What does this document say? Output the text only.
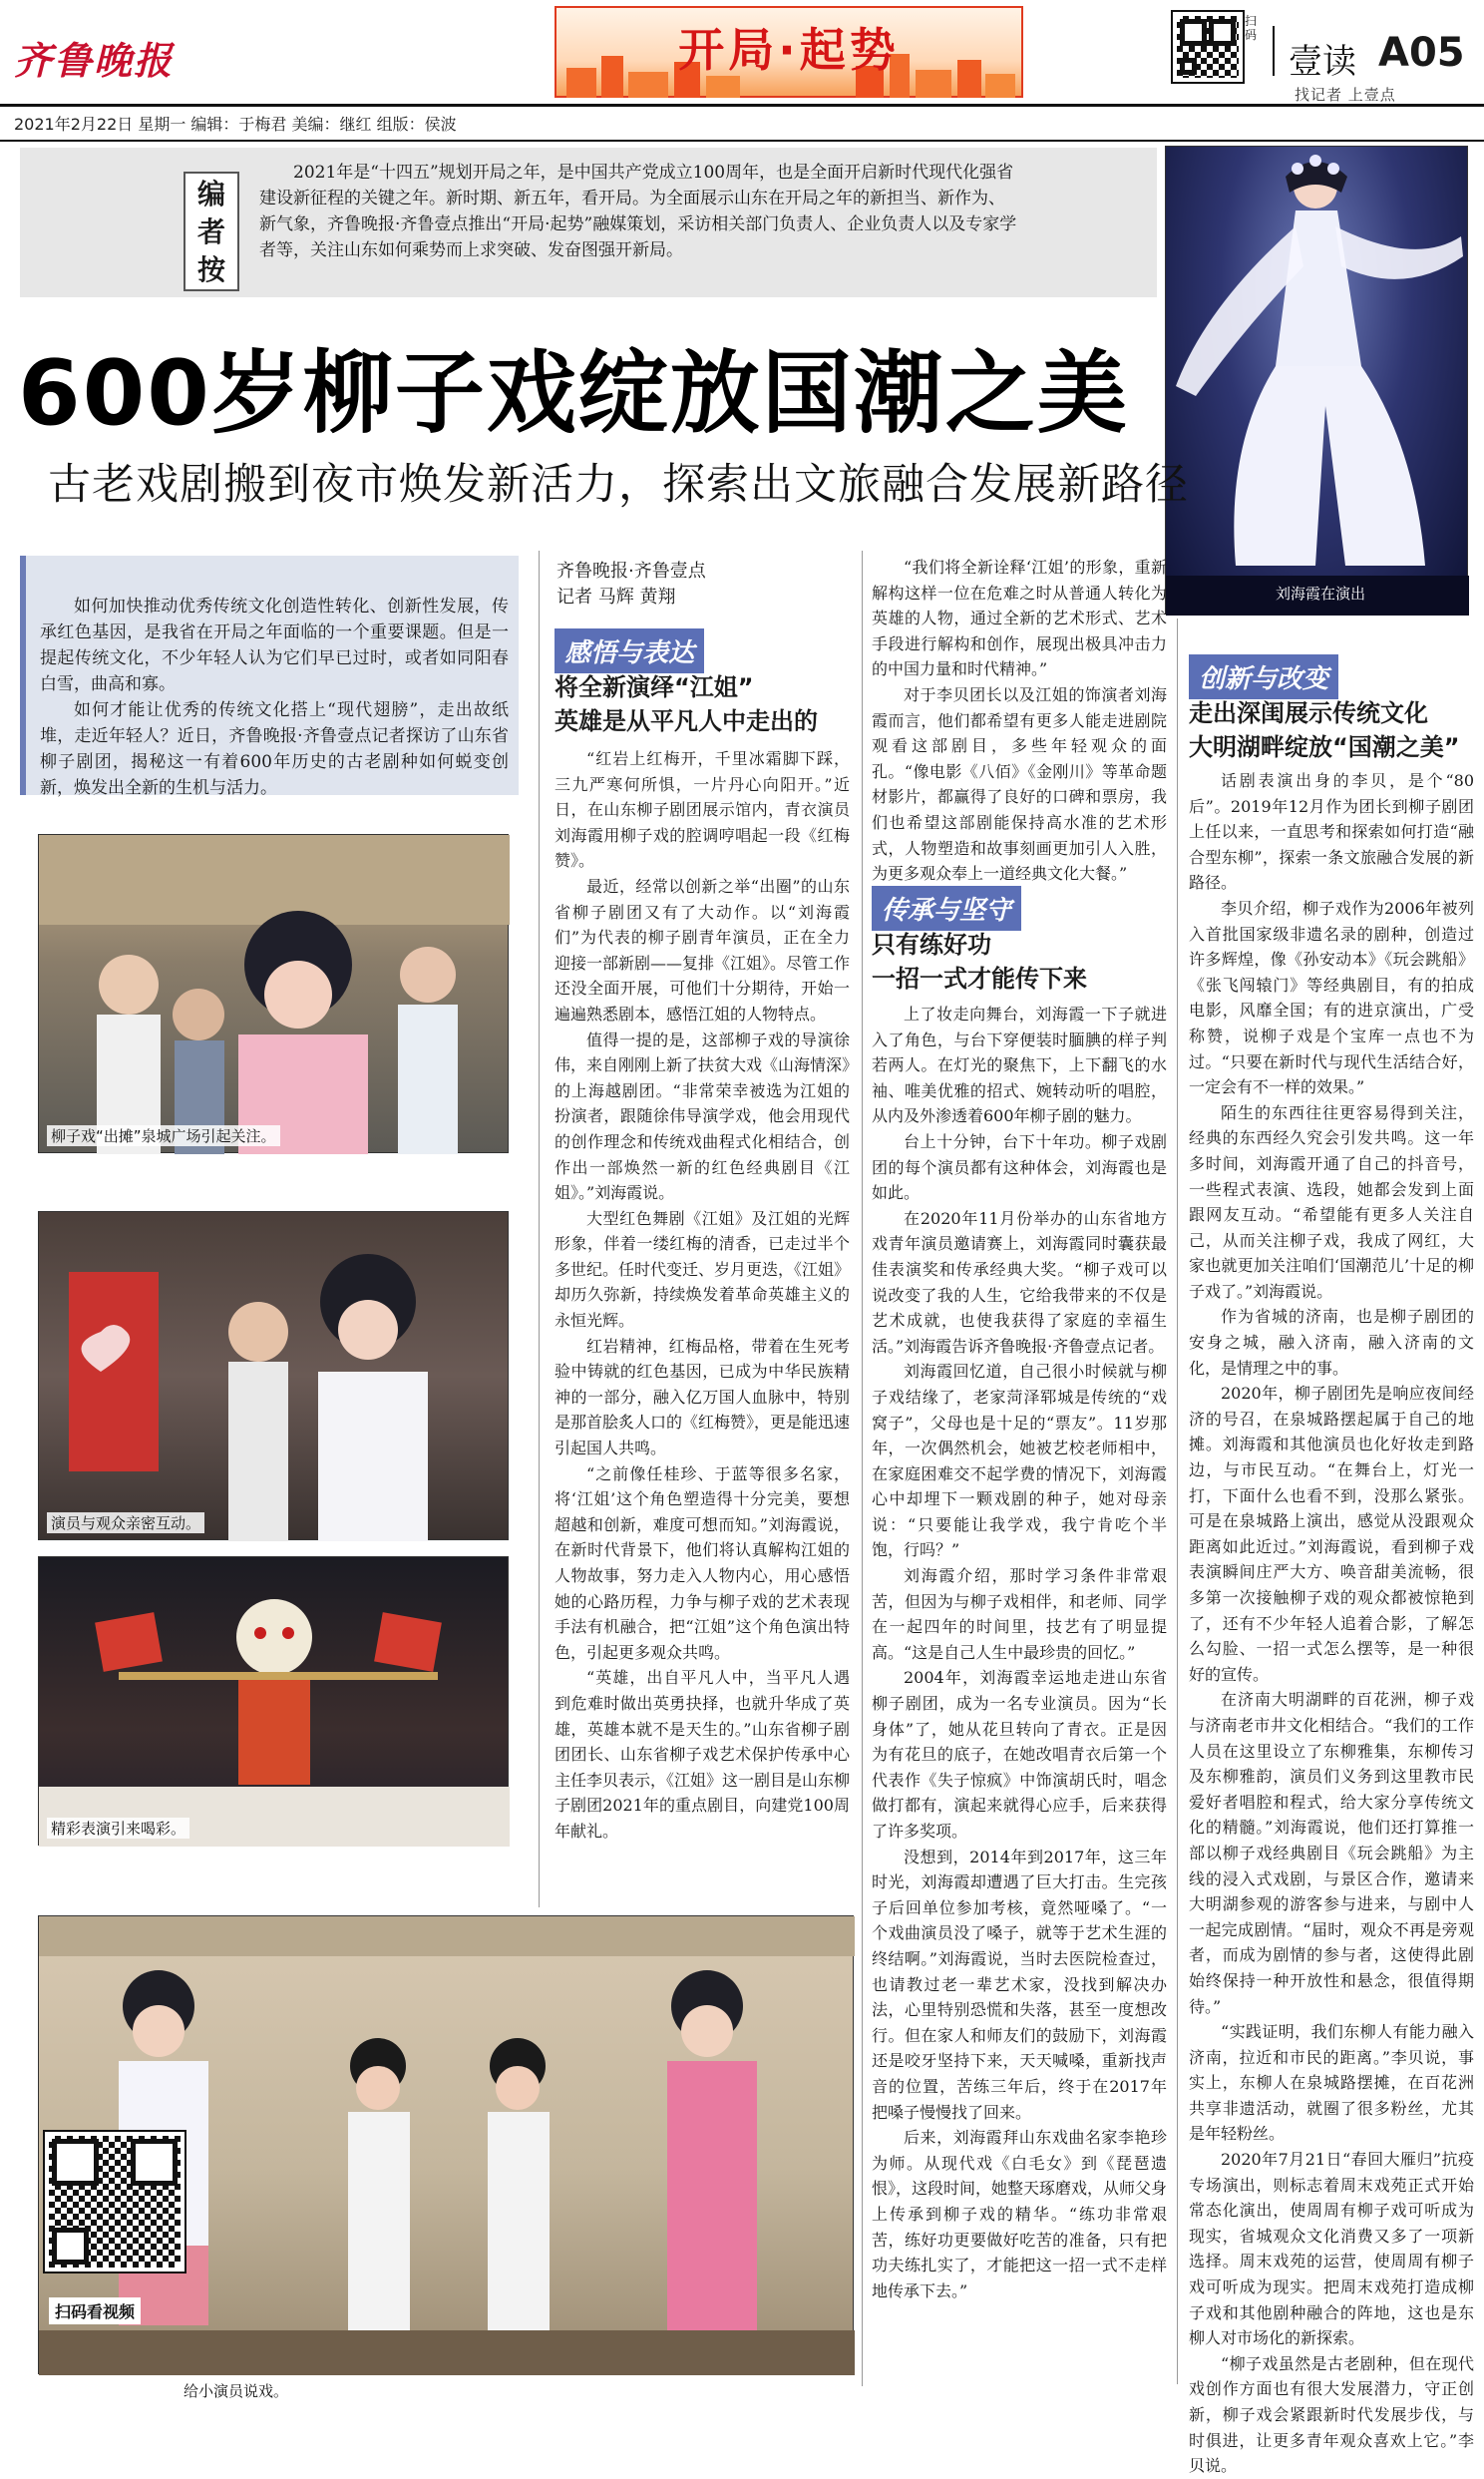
齐鲁晚报	开局·起势
扫码
壹读 A05
找记者 上壹点
2021年2月22日 星期一 编辑：于梅君 美编：继红 组版：侯波
编者按
2021年是“十四五”规划开局之年，是中国共产党成立100周年，也是全面开启新时代现代化强省建设新征程的关键之年。新时期、新五年，看开局。为全面展示山东在开局之年的新担当、新作为、新气象，齐鲁晚报·齐鲁壹点推出“开局·起势”融媒策划，采访相关部门负责人、企业负责人以及专家学者等，关注山东如何乘势而上求突破、发奋图强开新局。
刘海霞在演出
600岁柳子戏绽放国潮之美
古老戏剧搬到夜市焕发新活力，探索出文旅融合发展新路径

如何加快推动优秀传统文化创造性转化、创新性发展，传承红色基因，是我省在开局之年面临的一个重要课题。但是一提起传统文化，不少年轻人认为它们早已过时，或者如同阳春白雪，曲高和寡。

如何才能让优秀的传统文化搭上“现代翅膀”，走出故纸堆，走近年轻人？近日，齐鲁晚报·齐鲁壹点记者探访了山东省柳子剧团，揭秘这一有着600年历史的古老剧种如何蜕变创新，焕发出全新的生机与活力。

柳子戏“出摊”泉城广场引起关注。
演员与观众亲密互动。
精彩表演引来喝彩。
扫码看视频
给小演员说戏。
齐鲁晚报·齐鲁壹点
记者 马辉 黄翔
感悟与表达
将全新演绎“江姐”
英雄是从平凡人中走出的

“红岩上红梅开，千里冰霜脚下踩，三九严寒何所惧，一片丹心向阳开。”近日，在山东柳子剧团展示馆内，青衣演员刘海霞用柳子戏的腔调哼唱起一段《红梅赞》。

最近，经常以创新之举“出圈”的山东省柳子剧团又有了大动作。以“刘海霞们”为代表的柳子剧青年演员，正在全力迎接一部新剧——复排《江姐》。尽管工作还没全面开展，可他们十分期待，开始一遍遍熟悉剧本，感悟江姐的人物特点。

值得一提的是，这部柳子戏的导演徐伟，来自刚刚上新了扶贫大戏《山海情深》的上海越剧团。“非常荣幸被选为江姐的扮演者，跟随徐伟导演学戏，他会用现代的创作理念和传统戏曲程式化相结合，创作出一部焕然一新的红色经典剧目《江姐》。”刘海霞说。

大型红色舞剧《江姐》及江姐的光辉形象，伴着一缕红梅的清香，已走过半个多世纪。任时代变迁、岁月更迭，《江姐》却历久弥新，持续焕发着革命英雄主义的永恒光辉。

红岩精神，红梅品格，带着在生死考验中铸就的红色基因，已成为中华民族精神的一部分，融入亿万国人血脉中，特别是那首脍炙人口的《红梅赞》，更是能迅速引起国人共鸣。

“之前像任桂珍、于蓝等很多名家，将‘江姐’这个角色塑造得十分完美，要想超越和创新，难度可想而知。”刘海霞说，在新时代背景下，他们将认真解构江姐的人物故事，努力走入人物内心，用心感悟她的心路历程，力争与柳子戏的艺术表现手法有机融合，把“江姐”这个角色演出特色，引起更多观众共鸣。

“英雄，出自平凡人中，当平凡人遇到危难时做出英勇抉择，也就升华成了英雄，英雄本就不是天生的。”山东省柳子剧团团长、山东省柳子戏艺术保护传承中心主任李贝表示，《江姐》这一剧目是山东柳子剧团2021年的重点剧目，向建党100周年献礼。

“我们将全新诠释‘江姐’的形象，重新解构这样一位在危难之时从普通人转化为英雄的人物，通过全新的艺术形式、艺术手段进行解构和创作，展现出极具冲击力的中国力量和时代精神。”

对于李贝团长以及江姐的饰演者刘海霞而言，他们都希望有更多人能走进剧院观看这部剧目，多些年轻观众的面孔。“像电影《八佰》《金刚川》等革命题材影片，都赢得了良好的口碑和票房，我们也希望这部剧能保持高水准的艺术形式，人物塑造和故事刻画更加引人入胜，为更多观众奉上一道经典文化大餐。”

传承与坚守
只有练好功
一招一式才能传下来

上了妆走向舞台，刘海霞一下子就进入了角色，与台下穿便装时腼腆的样子判若两人。在灯光的聚焦下，上下翻飞的水袖、唯美优雅的招式、婉转动听的唱腔，从内及外渗透着600年柳子剧的魅力。

台上十分钟，台下十年功。柳子戏剧团的每个演员都有这种体会，刘海霞也是如此。

在2020年11月份举办的山东省地方戏青年演员邀请赛上，刘海霞同时囊获最佳表演奖和传承经典大奖。“柳子戏可以说改变了我的人生，它给我带来的不仅是艺术成就，也使我获得了家庭的幸福生活。”刘海霞告诉齐鲁晚报·齐鲁壹点记者。

刘海霞回忆道，自己很小时候就与柳子戏结缘了，老家菏泽郓城是传统的“戏窝子”，父母也是十足的“票友”。11岁那年，一次偶然机会，她被艺校老师相中，在家庭困难交不起学费的情况下，刘海霞心中却埋下一颗戏剧的种子，她对母亲说：“只要能让我学戏，我宁肯吃个半饱，行吗？”

刘海霞介绍，那时学习条件非常艰苦，但因为与柳子戏相伴，和老师、同学在一起四年的时间里，技艺有了明显提高。“这是自己人生中最珍贵的回忆。”

2004年，刘海霞幸运地走进山东省柳子剧团，成为一名专业演员。因为“长身体”了，她从花旦转向了青衣。正是因为有花旦的底子，在她改唱青衣后第一个代表作《失子惊疯》中饰演胡氏时，唱念做打都有，演起来就得心应手，后来获得了许多奖项。

没想到，2014年到2017年，这三年时光，刘海霞却遭遇了巨大打击。生完孩子后回单位参加考核，竟然哑嗓了。“一个戏曲演员没了嗓子，就等于艺术生涯的终结啊。”刘海霞说，当时去医院检查过，也请教过老一辈艺术家，没找到解决办法，心里特别恐慌和失落，甚至一度想改行。但在家人和师友们的鼓励下，刘海霞还是咬牙坚持下来，天天喊嗓，重新找声音的位置，苦练三年后，终于在2017年把嗓子慢慢找了回来。

后来，刘海霞拜山东戏曲名家李艳珍为师。从现代戏《白毛女》到《琵琶遗恨》，这段时间，她整天琢磨戏，从师父身上传承到柳子戏的精华。“练功非常艰苦，练好功更要做好吃苦的准备，只有把功夫练扎实了，才能把这一招一式不走样地传承下去。”

创新与改变
走出深闺展示传统文化
大明湖畔绽放“国潮之美”

话剧表演出身的李贝，是个“80后”。2019年12月作为团长到柳子剧团上任以来，一直思考和探索如何打造“融合型东柳”，探索一条文旅融合发展的新路径。

李贝介绍，柳子戏作为2006年被列入首批国家级非遗名录的剧种，创造过许多辉煌，像《孙安动本》《玩会跳船》《张飞闯辕门》等经典剧目，有的拍成电影，风靡全国；有的进京演出，广受称赞，说柳子戏是个宝库一点也不为过。“只要在新时代与现代生活结合好，一定会有不一样的效果。”

陌生的东西往往更容易得到关注，经典的东西经久究会引发共鸣。这一年多时间，刘海霞开通了自己的抖音号，一些程式表演、选段，她都会发到上面跟网友互动。“希望能有更多人关注自己，从而关注柳子戏，我成了网红，大家也就更加关注咱们‘国潮范儿’十足的柳子戏了。”刘海霞说。

作为省城的济南，也是柳子剧团的安身之城，融入济南，融入济南的文化，是情理之中的事。

2020年，柳子剧团先是响应夜间经济的号召，在泉城路摆起属于自己的地摊。刘海霞和其他演员也化好妆走到路边，与市民互动。“在舞台上，灯光一打，下面什么也看不到，没那么紧张。可是在泉城路上演出，感觉从没跟观众距离如此近过。”刘海霞说，看到柳子戏表演瞬间庄严大方、唤音甜美流畅，很多第一次接触柳子戏的观众都被惊艳到了，还有不少年轻人追着合影，了解怎么勾脸、一招一式怎么摆等，是一种很好的宣传。

在济南大明湖畔的百花洲，柳子戏与济南老市井文化相结合。“我们的工作人员在这里设立了东柳雅集，东柳传习及东柳雅韵，演员们义务到这里教市民爱好者唱腔和程式，给大家分享传统文化的精髓。”刘海霞说，他们还打算推一部以柳子戏经典剧目《玩会跳船》为主线的浸入式戏剧，与景区合作，邀请来大明湖参观的游客参与进来，与剧中人一起完成剧情。“届时，观众不再是旁观者，而成为剧情的参与者，这使得此剧始终保持一种开放性和悬念，很值得期待。”

“实践证明，我们东柳人有能力融入济南，拉近和市民的距离。”李贝说，事实上，东柳人在泉城路摆摊，在百花洲共享非遗活动，就圈了很多粉丝，尤其是年轻粉丝。

2020年7月21日“春回大雁归”抗疫专场演出，则标志着周末戏苑正式开始常态化演出，使周周有柳子戏可听成为现实，省城观众文化消费又多了一项新选择。周末戏苑的运营，使周周有柳子戏可听成为现实。把周末戏苑打造成柳子戏和其他剧种融合的阵地，这也是东柳人对市场化的新探索。

“柳子戏虽然是古老剧种，但在现代戏创作方面也有很大发展潜力，守正创新，柳子戏会紧跟新时代发展步伐，与时俱进，让更多青年观众喜欢上它。”李贝说。
